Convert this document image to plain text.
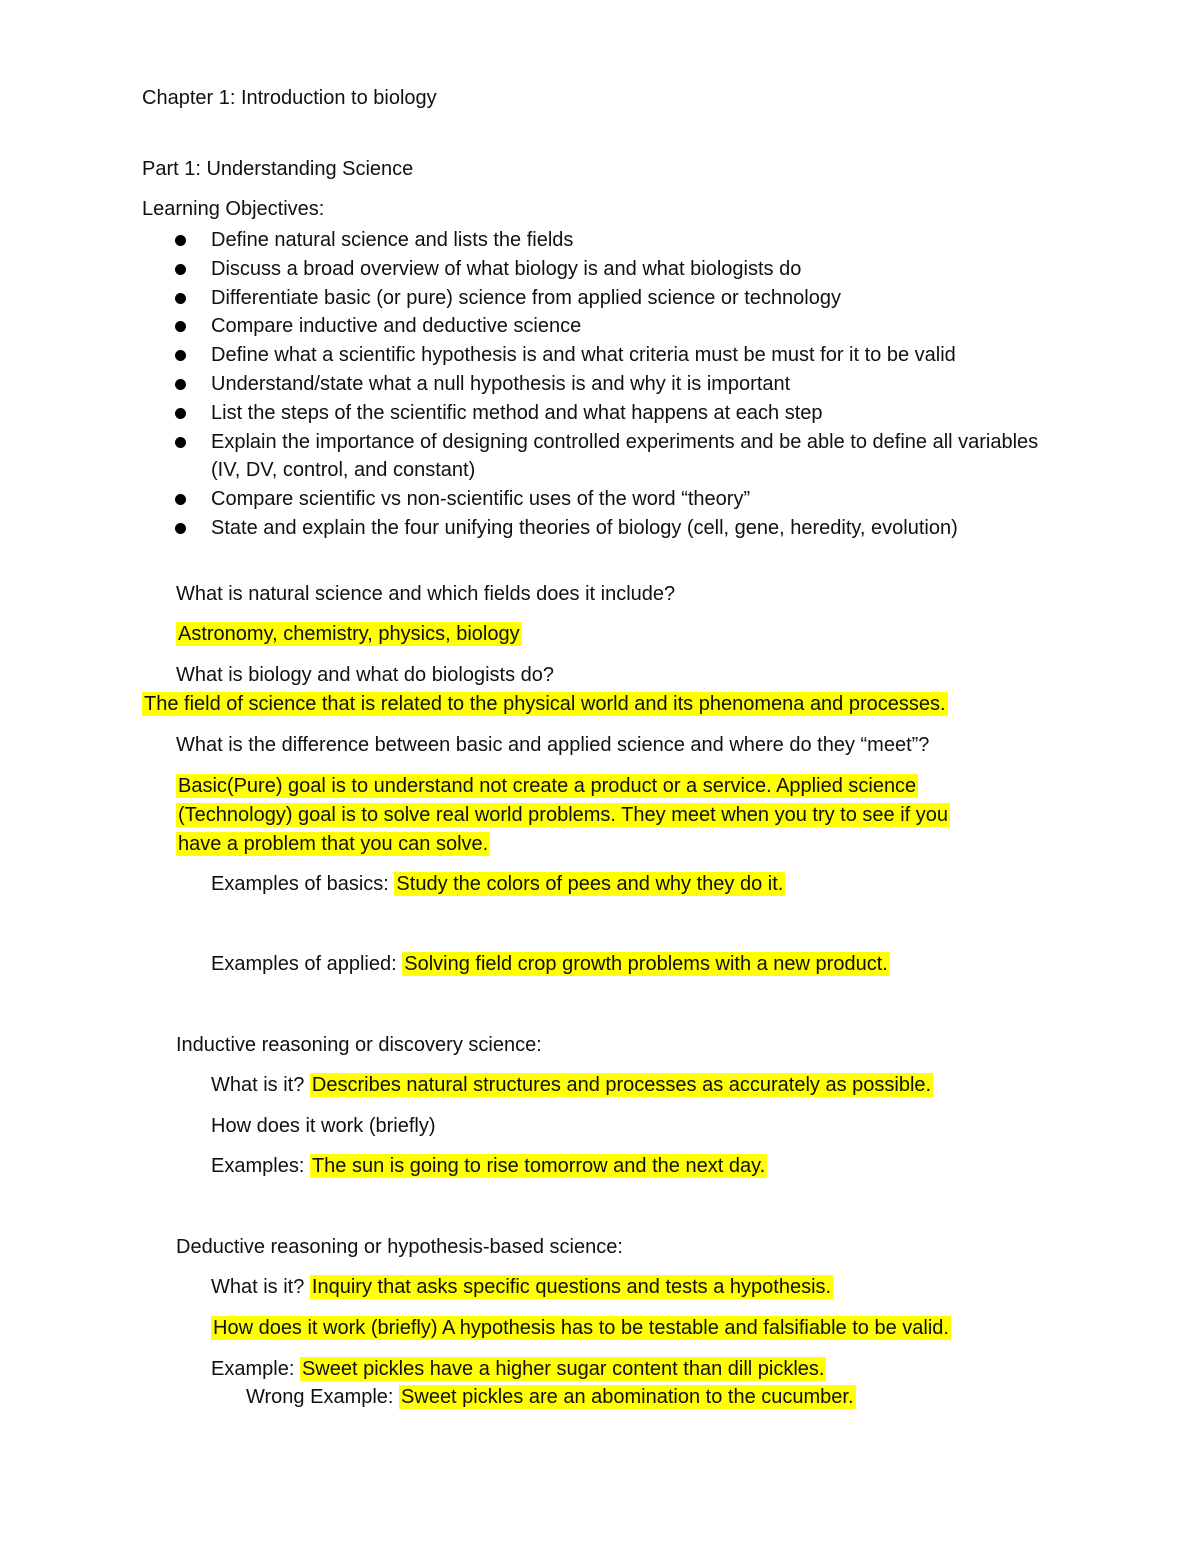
Chapter 1: Introduction to biology
Part 1: Understanding Science
Learning Objectives:
Define natural science and lists the fields
Discuss a broad overview of what biology is and what biologists do
Differentiate basic (or pure) science from applied science or technology
Compare inductive and deductive science
Define what a scientific hypothesis is and what criteria must be must for it to be valid
Understand/state what a null hypothesis is and why it is important
List the steps of the scientific method and what happens at each step
Explain the importance of designing controlled experiments and be able to define all variables (IV, DV, control, and constant)
Compare scientific vs non-scientific uses of the word “theory”
State and explain the four unifying theories of biology (cell, gene, heredity, evolution)
What is natural science and which fields does it include?
Astronomy, chemistry, physics, biology
What is biology and what do biologists do?
The field of science that is related to the physical world and its phenomena and processes.
What is the difference between basic and applied science and where do they “meet”?
Basic(Pure) goal is to understand not create a product or a service. Applied science
(Technology) goal is to solve real world problems. They meet when you try to see if you
have a problem that you can solve.
Examples of basics: Study the colors of pees and why they do it.
Examples of applied: Solving field crop growth problems with a new product.
Inductive reasoning or discovery science:
What is it? Describes natural structures and processes as accurately as possible.
How does it work (briefly)
Examples: The sun is going to rise tomorrow and the next day.
Deductive reasoning or hypothesis-based science:
What is it? Inquiry that asks specific questions and tests a hypothesis.
How does it work (briefly) A hypothesis has to be testable and falsifiable to be valid.
Example: Sweet pickles have a higher sugar content than dill pickles.
Wrong Example: Sweet pickles are an abomination to the cucumber.
